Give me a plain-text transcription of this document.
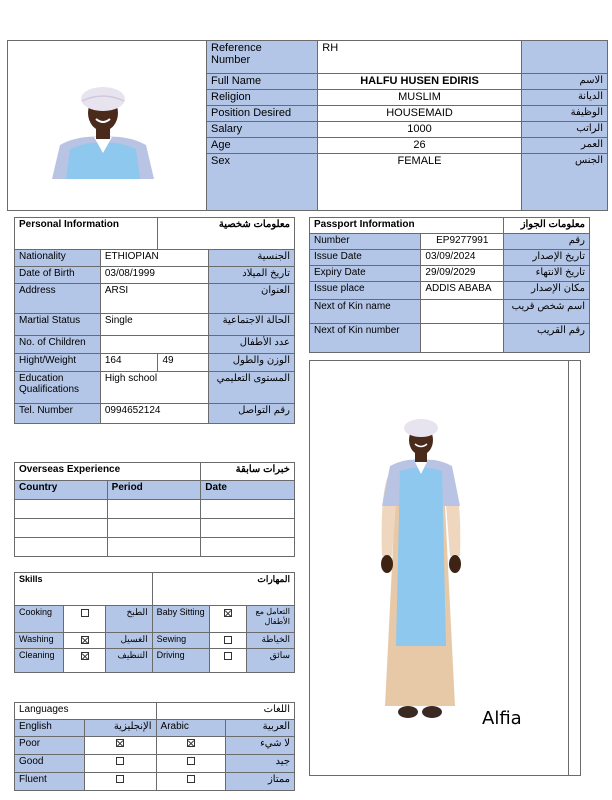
Reference
Number	RH	
Full Name	HALFU HUSEN EDIRIS	الاسم
Religion	MUSLIM	الديانة
Position Desired	HOUSEMAID	الوظيفة
Salary	1000	الراتب
Age	26	العمر
Sex	FEMALE	الجنس
Personal Information		معلومات شخصية	
Nationality	ETHIOPIAN		الجنسية
Date of Birth	03/08/1999		تاريخ الميلاد
Address	ARSI		العنوان
Martial Status	Single		الحالة الاجتماعية
No. of Children			عدد الأطفال
Hight/Weight	164	49	الوزن والطول
Education
Qualifications	High school		المستوى التعليمي
Tel. Number	0994652124		رقم التواصل
Passport Information		معلومات الجواز
Number	EP9277991	رقم
Issue Date	03/09/2024	تاريخ الإصدار
Expiry Date	29/09/2029	تاريخ الانتهاء
Issue place	ADDIS ABABA	مكان الإصدار
Next of Kin name		اسم شخص قريب
Next of Kin number		رقم القريب
Alfia
Overseas Experience		خبرات سابقة
Country	Period	Date

Skills			المهارات		
Cooking		الطبخ	Baby Sitting		التعامل مع الأطفال
Washing		الغسيل	Sewing		الخياطة
Cleaning		التنظيف	Driving		سائق
Languages		اللغات	
English	الإنجليزية	Arabic	العربية
Poor			لا شيء
Good			جيد
Fluent			ممتاز
